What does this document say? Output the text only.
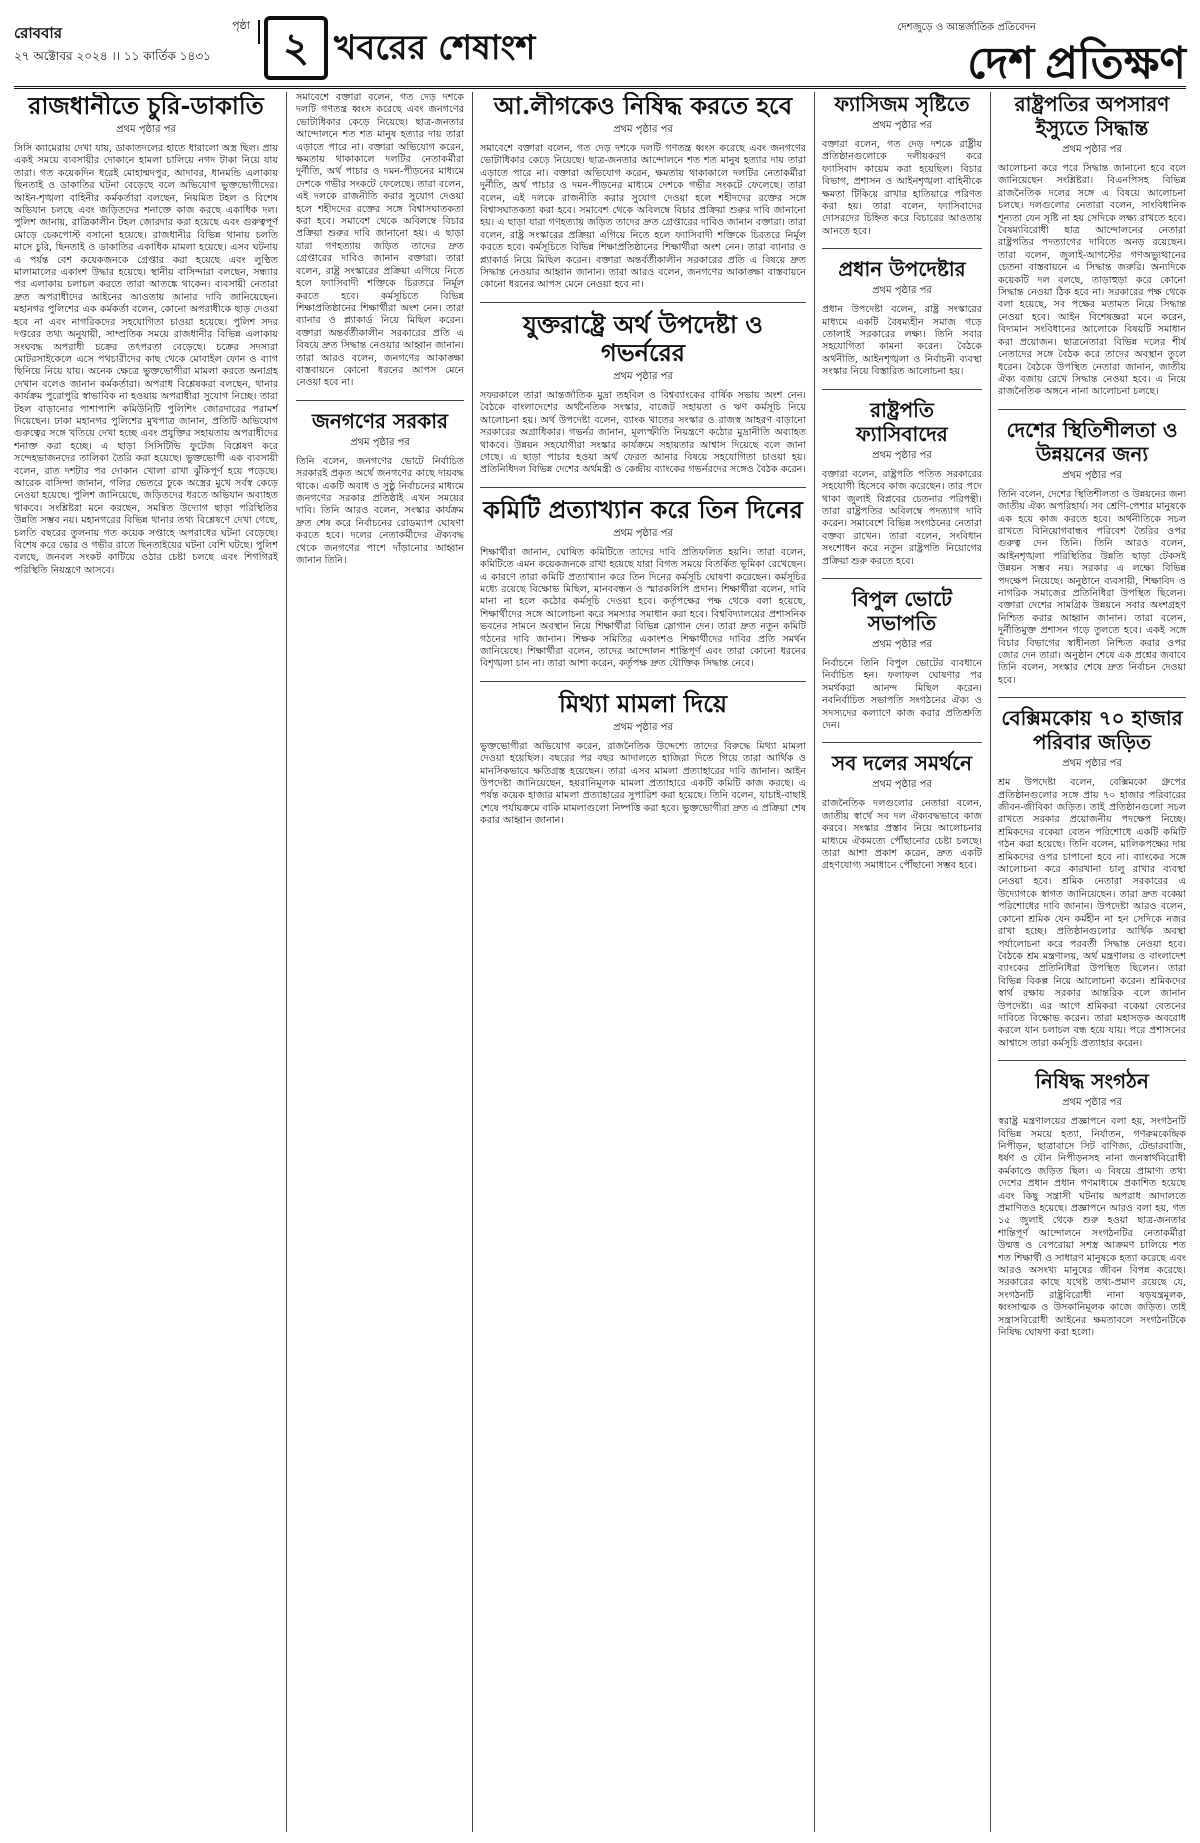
রোববার
২৭ অক্টোবর ২০২৪ ।। ১১ কার্তিক ১৪৩১
পৃষ্ঠা ২ খবরের শেষাংশ
দেশজুড়ে ও আন্তর্জাতিক প্রতিবেদন
দেশ প্রতিক্ষণ
রাজধানীতে চুরি-ডাকাতি
প্রথম পৃষ্ঠার পর

সিসি ক্যামেরায় দেখা যায়, ডাকাতদলের হাতে ধারালো অস্ত্র ছিল। প্রায় একই সময়ে ব্যবসায়ীর দোকানে হামলা চালিয়ে নগদ টাকা নিয়ে যায় তারা। গত কয়েকদিন ধরেই মোহাম্মদপুর, আদাবর, ধানমন্ডি এলাকায় ছিনতাই ও ডাকাতির ঘটনা বেড়েছে বলে অভিযোগ ভুক্তভোগীদের। আইন-শৃঙ্খলা বাহিনীর কর্মকর্তারা বলছেন, নিয়মিত টহল ও বিশেষ অভিযান চলছে এবং জড়িতদের শনাক্তে কাজ করছে একাধিক দল। পুলিশ জানায়, রাত্রিকালীন টহল জোরদার করা হয়েছে এবং গুরুত্বপূর্ণ মোড়ে চেকপোস্ট বসানো হয়েছে। রাজধানীর বিভিন্ন থানায় চলতি মাসে চুরি, ছিনতাই ও ডাকাতির একাধিক মামলা হয়েছে। এসব ঘটনায় এ পর্যন্ত বেশ কয়েকজনকে গ্রেপ্তার করা হয়েছে এবং লুণ্ঠিত মালামালের একাংশ উদ্ধার হয়েছে। স্থানীয় বাসিন্দারা বলছেন, সন্ধ্যার পর এলাকায় চলাচল করতে তারা আতঙ্কে থাকেন। ব্যবসায়ী নেতারা দ্রুত অপরাধীদের আইনের আওতায় আনার দাবি জানিয়েছেন। মহানগর পুলিশের এক কর্মকর্তা বলেন, কোনো অপরাধীকে ছাড় দেওয়া হবে না এবং নাগরিকদের সহযোগিতা চাওয়া হয়েছে। পুলিশ সদর দপ্তরের তথ্য অনুযায়ী, সাম্প্রতিক সময়ে রাজধানীর বিভিন্ন এলাকায় সংঘবদ্ধ অপরাধী চক্রের তৎপরতা বেড়েছে। চক্রের সদস্যরা মোটরসাইকেলে এসে পথচারীদের কাছ থেকে মোবাইল ফোন ও ব্যাগ ছিনিয়ে নিয়ে যায়। অনেক ক্ষেত্রে ভুক্তভোগীরা মামলা করতে অনাগ্রহ দেখান বলেও জানান কর্মকর্তারা। অপরাধ বিশ্লেষকরা বলছেন, থানার কার্যক্রম পুরোপুরি স্বাভাবিক না হওয়ায় অপরাধীরা সুযোগ নিচ্ছে। তারা টহল বাড়ানোর পাশাপাশি কমিউনিটি পুলিশিং জোরদারের পরামর্শ দিয়েছেন। ঢাকা মহানগর পুলিশের মুখপাত্র জানান, প্রতিটি অভিযোগ গুরুত্বের সঙ্গে খতিয়ে দেখা হচ্ছে এবং প্রযুক্তির সহায়তায় অপরাধীদের শনাক্ত করা হচ্ছে। এ ছাড়া সিসিটিভি ফুটেজ বিশ্লেষণ করে সন্দেহভাজনদের তালিকা তৈরি করা হয়েছে। ভুক্তভোগী এক ব্যবসায়ী বলেন, রাত দশটার পর দোকান খোলা রাখা ঝুঁকিপূর্ণ হয়ে পড়েছে। আরেক বাসিন্দা জানান, গলির ভেতরে ঢুকে অস্ত্রের মুখে সর্বস্ব কেড়ে নেওয়া হয়েছে। পুলিশ জানিয়েছে, জড়িতদের ধরতে অভিযান অব্যাহত থাকবে। সংশ্লিষ্টরা মনে করছেন, সমন্বিত উদ্যোগ ছাড়া পরিস্থিতির উন্নতি সম্ভব নয়। মহানগরের বিভিন্ন থানার তথ্য বিশ্লেষণে দেখা গেছে, চলতি বছরের তুলনায় গত কয়েক সপ্তাহে অপরাধের ঘটনা বেড়েছে। বিশেষ করে ভোর ও গভীর রাতে ছিনতাইয়ের ঘটনা বেশি ঘটছে। পুলিশ বলছে, জনবল সংকট কাটিয়ে ওঠার চেষ্টা চলছে এবং শিগগিরই পরিস্থিতি নিয়ন্ত্রণে আসবে।

সমাবেশে বক্তারা বলেন, গত দেড় দশকে দলটি গণতন্ত্র ধ্বংস করেছে এবং জনগণের ভোটাধিকার কেড়ে নিয়েছে। ছাত্র-জনতার আন্দোলনে শত শত মানুষ হত্যার দায় তারা এড়াতে পারে না। বক্তারা অভিযোগ করেন, ক্ষমতায় থাকাকালে দলটির নেতাকর্মীরা দুর্নীতি, অর্থ পাচার ও দমন-পীড়নের মাধ্যমে দেশকে গভীর সংকটে ফেলেছে। তারা বলেন, এই দলকে রাজনীতি করার সুযোগ দেওয়া হলে শহীদদের রক্তের সঙ্গে বিশ্বাসঘাতকতা করা হবে। সমাবেশ থেকে অবিলম্বে বিচার প্রক্রিয়া শুরুর দাবি জানানো হয়। এ ছাড়া যারা গণহত্যায় জড়িত তাদের দ্রুত গ্রেপ্তারের দাবিও জানান বক্তারা। তারা বলেন, রাষ্ট্র সংস্কারের প্রক্রিয়া এগিয়ে নিতে হলে ফ্যাসিবাদী শক্তিকে চিরতরে নির্মূল করতে হবে। কর্মসূচিতে বিভিন্ন শিক্ষাপ্রতিষ্ঠানের শিক্ষার্থীরা অংশ নেন। তারা ব্যানার ও প্ল্যাকার্ড নিয়ে মিছিল করেন। বক্তারা অন্তর্বর্তীকালীন সরকারের প্রতি এ বিষয়ে দ্রুত সিদ্ধান্ত নেওয়ার আহ্বান জানান। তারা আরও বলেন, জনগণের আকাঙ্ক্ষা বাস্তবায়নে কোনো ধরনের আপস মেনে নেওয়া হবে না।

জনগণের সরকার
প্রথম পৃষ্ঠার পর

তিনি বলেন, জনগণের ভোটে নির্বাচিত সরকারই প্রকৃত অর্থে জনগণের কাছে দায়বদ্ধ থাকে। একটি অবাধ ও সুষ্ঠু নির্বাচনের মাধ্যমে জনগণের সরকার প্রতিষ্ঠাই এখন সময়ের দাবি। তিনি আরও বলেন, সংস্কার কার্যক্রম দ্রুত শেষ করে নির্বাচনের রোডম্যাপ ঘোষণা করতে হবে। দলের নেতাকর্মীদের ঐক্যবদ্ধ থেকে জনগণের পাশে দাঁড়ানোর আহ্বান জানান তিনি।

আ.লীগকেও নিষিদ্ধ করতে হবে
প্রথম পৃষ্ঠার পর

সমাবেশে বক্তারা বলেন, গত দেড় দশকে দলটি গণতন্ত্র ধ্বংস করেছে এবং জনগণের ভোটাধিকার কেড়ে নিয়েছে। ছাত্র-জনতার আন্দোলনে শত শত মানুষ হত্যার দায় তারা এড়াতে পারে না। বক্তারা অভিযোগ করেন, ক্ষমতায় থাকাকালে দলটির নেতাকর্মীরা দুর্নীতি, অর্থ পাচার ও দমন-পীড়নের মাধ্যমে দেশকে গভীর সংকটে ফেলেছে। তারা বলেন, এই দলকে রাজনীতি করার সুযোগ দেওয়া হলে শহীদদের রক্তের সঙ্গে বিশ্বাসঘাতকতা করা হবে। সমাবেশ থেকে অবিলম্বে বিচার প্রক্রিয়া শুরুর দাবি জানানো হয়। এ ছাড়া যারা গণহত্যায় জড়িত তাদের দ্রুত গ্রেপ্তারের দাবিও জানান বক্তারা। তারা বলেন, রাষ্ট্র সংস্কারের প্রক্রিয়া এগিয়ে নিতে হলে ফ্যাসিবাদী শক্তিকে চিরতরে নির্মূল করতে হবে। কর্মসূচিতে বিভিন্ন শিক্ষাপ্রতিষ্ঠানের শিক্ষার্থীরা অংশ নেন। তারা ব্যানার ও প্ল্যাকার্ড নিয়ে মিছিল করেন। বক্তারা অন্তর্বর্তীকালীন সরকারের প্রতি এ বিষয়ে দ্রুত সিদ্ধান্ত নেওয়ার আহ্বান জানান। তারা আরও বলেন, জনগণের আকাঙ্ক্ষা বাস্তবায়নে কোনো ধরনের আপস মেনে নেওয়া হবে না।

যুক্তরাষ্ট্রে অর্থ উপদেষ্টা ও গভর্নরের
প্রথম পৃষ্ঠার পর

সফরকালে তারা আন্তর্জাতিক মুদ্রা তহবিল ও বিশ্বব্যাংকের বার্ষিক সভায় অংশ নেন। বৈঠকে বাংলাদেশের অর্থনৈতিক সংস্কার, বাজেট সহায়তা ও ঋণ কর্মসূচি নিয়ে আলোচনা হয়। অর্থ উপদেষ্টা বলেন, ব্যাংক খাতের সংস্কার ও রাজস্ব আহরণ বাড়ানো সরকারের অগ্রাধিকার। গভর্নর জানান, মূল্যস্ফীতি নিয়ন্ত্রণে কঠোর মুদ্রানীতি অব্যাহত থাকবে। উন্নয়ন সহযোগীরা সংস্কার কার্যক্রমে সহায়তার আশ্বাস দিয়েছে বলে জানা গেছে। এ ছাড়া পাচার হওয়া অর্থ ফেরত আনার বিষয়ে সহযোগিতা চাওয়া হয়। প্রতিনিধিদল বিভিন্ন দেশের অর্থমন্ত্রী ও কেন্দ্রীয় ব্যাংকের গভর্নরদের সঙ্গেও বৈঠক করেন।

কমিটি প্রত্যাখ্যান করে তিন দিনের
প্রথম পৃষ্ঠার পর

শিক্ষার্থীরা জানান, ঘোষিত কমিটিতে তাদের দাবি প্রতিফলিত হয়নি। তারা বলেন, কমিটিতে এমন কয়েকজনকে রাখা হয়েছে যারা বিগত সময়ে বিতর্কিত ভূমিকা রেখেছেন। এ কারণে তারা কমিটি প্রত্যাখ্যান করে তিন দিনের কর্মসূচি ঘোষণা করেছেন। কর্মসূচির মধ্যে রয়েছে বিক্ষোভ মিছিল, মানববন্ধন ও স্মারকলিপি প্রদান। শিক্ষার্থীরা বলেন, দাবি মানা না হলে কঠোর কর্মসূচি দেওয়া হবে। কর্তৃপক্ষের পক্ষ থেকে বলা হয়েছে, শিক্ষার্থীদের সঙ্গে আলোচনা করে সমস্যার সমাধান করা হবে। বিশ্ববিদ্যালয়ের প্রশাসনিক ভবনের সামনে অবস্থান নিয়ে শিক্ষার্থীরা বিভিন্ন স্লোগান দেন। তারা দ্রুত নতুন কমিটি গঠনের দাবি জানান। শিক্ষক সমিতির একাংশও শিক্ষার্থীদের দাবির প্রতি সমর্থন জানিয়েছে। শিক্ষার্থীরা বলেন, তাদের আন্দোলন শান্তিপূর্ণ এবং তারা কোনো ধরনের বিশৃঙ্খলা চান না। তারা আশা করেন, কর্তৃপক্ষ দ্রুত যৌক্তিক সিদ্ধান্ত নেবে।

মিথ্যা মামলা দিয়ে
প্রথম পৃষ্ঠার পর

ভুক্তভোগীরা অভিযোগ করেন, রাজনৈতিক উদ্দেশ্যে তাদের বিরুদ্ধে মিথ্যা মামলা দেওয়া হয়েছিল। বছরের পর বছর আদালতে হাজিরা দিতে গিয়ে তারা আর্থিক ও মানসিকভাবে ক্ষতিগ্রস্ত হয়েছেন। তারা এসব মামলা প্রত্যাহারের দাবি জানান। আইন উপদেষ্টা জানিয়েছেন, হয়রানিমূলক মামলা প্রত্যাহারে একটি কমিটি কাজ করছে। এ পর্যন্ত কয়েক হাজার মামলা প্রত্যাহারের সুপারিশ করা হয়েছে। তিনি বলেন, যাচাই-বাছাই শেষে পর্যায়ক্রমে বাকি মামলাগুলো নিষ্পত্তি করা হবে। ভুক্তভোগীরা দ্রুত এ প্রক্রিয়া শেষ করার আহ্বান জানান।

ফ্যাসিজম সৃষ্টিতে
প্রথম পৃষ্ঠার পর

বক্তারা বলেন, গত দেড় দশকে রাষ্ট্রীয় প্রতিষ্ঠানগুলোকে দলীয়করণ করে ফ্যাসিবাদ কায়েম করা হয়েছিল। বিচার বিভাগ, প্রশাসন ও আইনশৃঙ্খলা বাহিনীকে ক্ষমতা টিকিয়ে রাখার হাতিয়ারে পরিণত করা হয়। তারা বলেন, ফ্যাসিবাদের দোসরদের চিহ্নিত করে বিচারের আওতায় আনতে হবে।

প্রধান উপদেষ্টার
প্রথম পৃষ্ঠার পর

প্রধান উপদেষ্টা বলেন, রাষ্ট্র সংস্কারের মাধ্যমে একটি বৈষম্যহীন সমাজ গড়ে তোলাই সরকারের লক্ষ্য। তিনি সবার সহযোগিতা কামনা করেন। বৈঠকে অর্থনীতি, আইনশৃঙ্খলা ও নির্বাচনী ব্যবস্থা সংস্কার নিয়ে বিস্তারিত আলোচনা হয়।

রাষ্ট্রপতি ফ্যাসিবাদের
প্রথম পৃষ্ঠার পর

বক্তারা বলেন, রাষ্ট্রপতি পতিত সরকারের সহযোগী হিসেবে কাজ করেছেন। তার পদে থাকা জুলাই বিপ্লবের চেতনার পরিপন্থী। তারা রাষ্ট্রপতির অবিলম্বে পদত্যাগ দাবি করেন। সমাবেশে বিভিন্ন সংগঠনের নেতারা বক্তব্য রাখেন। তারা বলেন, সংবিধান সংশোধন করে নতুন রাষ্ট্রপতি নিয়োগের প্রক্রিয়া শুরু করতে হবে।

বিপুল ভোটে সভাপতি
প্রথম পৃষ্ঠার পর

নির্বাচনে তিনি বিপুল ভোটের ব্যবধানে নির্বাচিত হন। ফলাফল ঘোষণার পর সমর্থকরা আনন্দ মিছিল করেন। নবনির্বাচিত সভাপতি সংগঠনের ঐক্য ও সদস্যদের কল্যাণে কাজ করার প্রতিশ্রুতি দেন।

সব দলের সমর্থনে
প্রথম পৃষ্ঠার পর

রাজনৈতিক দলগুলোর নেতারা বলেন, জাতীয় স্বার্থে সব দল ঐক্যবদ্ধভাবে কাজ করবে। সংস্কার প্রস্তাব নিয়ে আলোচনার মাধ্যমে ঐকমত্যে পৌঁছানোর চেষ্টা চলছে। তারা আশা প্রকাশ করেন, দ্রুত একটি গ্রহণযোগ্য সমাধানে পৌঁছানো সম্ভব হবে।

রাষ্ট্রপতির অপসারণ ইস্যুতে সিদ্ধান্ত
প্রথম পৃষ্ঠার পর

আলোচনা করে পরে সিদ্ধান্ত জানানো হবে বলে জানিয়েছেন সংশ্লিষ্টরা। বিএনপিসহ বিভিন্ন রাজনৈতিক দলের সঙ্গে এ বিষয়ে আলোচনা চলছে। দলগুলোর নেতারা বলেন, সাংবিধানিক শূন্যতা যেন সৃষ্টি না হয় সেদিকে লক্ষ্য রাখতে হবে। বৈষম্যবিরোধী ছাত্র আন্দোলনের নেতারা রাষ্ট্রপতির পদত্যাগের দাবিতে অনড় রয়েছেন। তারা বলেন, জুলাই-আগস্টের গণঅভ্যুত্থানের চেতনা বাস্তবায়নে এ সিদ্ধান্ত জরুরি। অন্যদিকে কয়েকটি দল বলছে, তাড়াহুড়া করে কোনো সিদ্ধান্ত নেওয়া ঠিক হবে না। সরকারের পক্ষ থেকে বলা হয়েছে, সব পক্ষের মতামত নিয়ে সিদ্ধান্ত নেওয়া হবে। আইন বিশেষজ্ঞরা মনে করেন, বিদ্যমান সংবিধানের আলোকে বিষয়টি সমাধান করা প্রয়োজন। ছাত্রনেতারা বিভিন্ন দলের শীর্ষ নেতাদের সঙ্গে বৈঠক করে তাদের অবস্থান তুলে ধরেন। বৈঠকে উপস্থিত নেতারা জানান, জাতীয় ঐক্য বজায় রেখে সিদ্ধান্ত নেওয়া হবে। এ নিয়ে রাজনৈতিক অঙ্গনে নানা আলোচনা চলছে।

দেশের স্থিতিশীলতা ও উন্নয়নের জন্য
প্রথম পৃষ্ঠার পর

তিনি বলেন, দেশের স্থিতিশীলতা ও উন্নয়নের জন্য জাতীয় ঐক্য অপরিহার্য। সব শ্রেণি-পেশার মানুষকে এক হয়ে কাজ করতে হবে। অর্থনীতিকে সচল রাখতে বিনিয়োগবান্ধব পরিবেশ তৈরির ওপর গুরুত্ব দেন তিনি। তিনি আরও বলেন, আইনশৃঙ্খলা পরিস্থিতির উন্নতি ছাড়া টেকসই উন্নয়ন সম্ভব নয়। সরকার এ লক্ষ্যে বিভিন্ন পদক্ষেপ নিয়েছে। অনুষ্ঠানে ব্যবসায়ী, শিক্ষাবিদ ও নাগরিক সমাজের প্রতিনিধিরা উপস্থিত ছিলেন। বক্তারা দেশের সামগ্রিক উন্নয়নে সবার অংশগ্রহণ নিশ্চিত করার আহ্বান জানান। তারা বলেন, দুর্নীতিমুক্ত প্রশাসন গড়ে তুলতে হবে। একই সঙ্গে বিচার বিভাগের স্বাধীনতা নিশ্চিত করার ওপর জোর দেন তারা। অনুষ্ঠান শেষে এক প্রশ্নের জবাবে তিনি বলেন, সংস্কার শেষে দ্রুত নির্বাচন দেওয়া হবে।

বেক্সিমকোয় ৭০ হাজার পরিবার জড়িত
প্রথম পৃষ্ঠার পর

শ্রম উপদেষ্টা বলেন, বেক্সিমকো গ্রুপের প্রতিষ্ঠানগুলোর সঙ্গে প্রায় ৭০ হাজার পরিবারের জীবন-জীবিকা জড়িত। তাই প্রতিষ্ঠানগুলো সচল রাখতে সরকার প্রয়োজনীয় পদক্ষেপ নিচ্ছে। শ্রমিকদের বকেয়া বেতন পরিশোধে একটি কমিটি গঠন করা হয়েছে। তিনি বলেন, মালিকপক্ষের দায় শ্রমিকদের ওপর চাপানো হবে না। ব্যাংকের সঙ্গে আলোচনা করে কারখানা চালু রাখার ব্যবস্থা নেওয়া হবে। শ্রমিক নেতারা সরকারের এ উদ্যোগকে স্বাগত জানিয়েছেন। তারা দ্রুত বকেয়া পরিশোধের দাবি জানান। উপদেষ্টা আরও বলেন, কোনো শ্রমিক যেন কর্মহীন না হন সেদিকে নজর রাখা হচ্ছে। প্রতিষ্ঠানগুলোর আর্থিক অবস্থা পর্যালোচনা করে পরবর্তী সিদ্ধান্ত নেওয়া হবে। বৈঠকে শ্রম মন্ত্রণালয়, অর্থ মন্ত্রণালয় ও বাংলাদেশ ব্যাংকের প্রতিনিধিরা উপস্থিত ছিলেন। তারা বিভিন্ন বিকল্প নিয়ে আলোচনা করেন। শ্রমিকদের স্বার্থ রক্ষায় সরকার আন্তরিক বলে জানান উপদেষ্টা। এর আগে শ্রমিকরা বকেয়া বেতনের দাবিতে বিক্ষোভ করেন। তারা মহাসড়ক অবরোধ করলে যান চলাচল বন্ধ হয়ে যায়। পরে প্রশাসনের আশ্বাসে তারা কর্মসূচি প্রত্যাহার করেন।

নিষিদ্ধ সংগঠন
প্রথম পৃষ্ঠার পর

স্বরাষ্ট্র মন্ত্রণালয়ের প্রজ্ঞাপনে বলা হয়, সংগঠনটি বিভিন্ন সময়ে হত্যা, নির্যাতন, গণরুমকেন্দ্রিক নিপীড়ন, ছাত্রাবাসে সিট বাণিজ্য, টেন্ডারবাজি, ধর্ষণ ও যৌন নিপীড়নসহ নানা জনস্বার্থবিরোধী কর্মকাণ্ডে জড়িত ছিল। এ বিষয়ে প্রামাণ্য তথ্য দেশের প্রধান প্রধান গণমাধ্যমে প্রকাশিত হয়েছে এবং কিছু সন্ত্রাসী ঘটনায় অপরাধ আদালতে প্রমাণিতও হয়েছে। প্রজ্ঞাপনে আরও বলা হয়, গত ১৫ জুলাই থেকে শুরু হওয়া ছাত্র-জনতার শান্তিপূর্ণ আন্দোলনে সংগঠনটির নেতাকর্মীরা উন্মত্ত ও বেপরোয়া সশস্ত্র আক্রমণ চালিয়ে শত শত শিক্ষার্থী ও সাধারণ মানুষকে হত্যা করেছে এবং আরও অসংখ্য মানুষের জীবন বিপন্ন করেছে। সরকারের কাছে যথেষ্ট তথ্য-প্রমাণ রয়েছে যে, সংগঠনটি রাষ্ট্রবিরোধী নানা ষড়যন্ত্রমূলক, ধ্বংসাত্মক ও উসকানিমূলক কাজে জড়িত। তাই সন্ত্রাসবিরোধী আইনের ক্ষমতাবলে সংগঠনটিকে নিষিদ্ধ ঘোষণা করা হলো।
